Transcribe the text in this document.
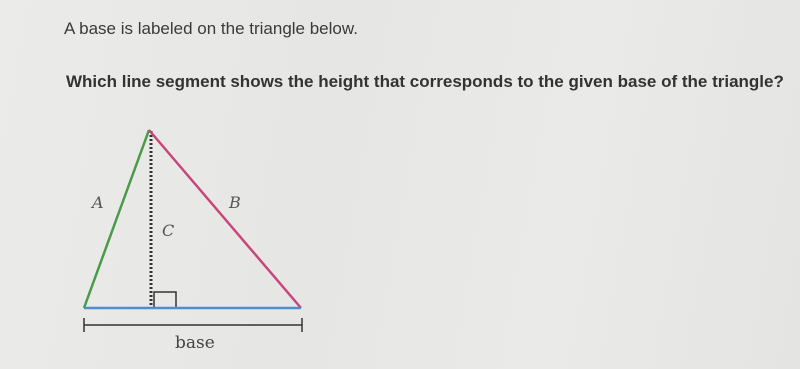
A base is labeled on the triangle below.
Which line segment shows the height that corresponds to the given base of the triangle?
A	B
C
base
